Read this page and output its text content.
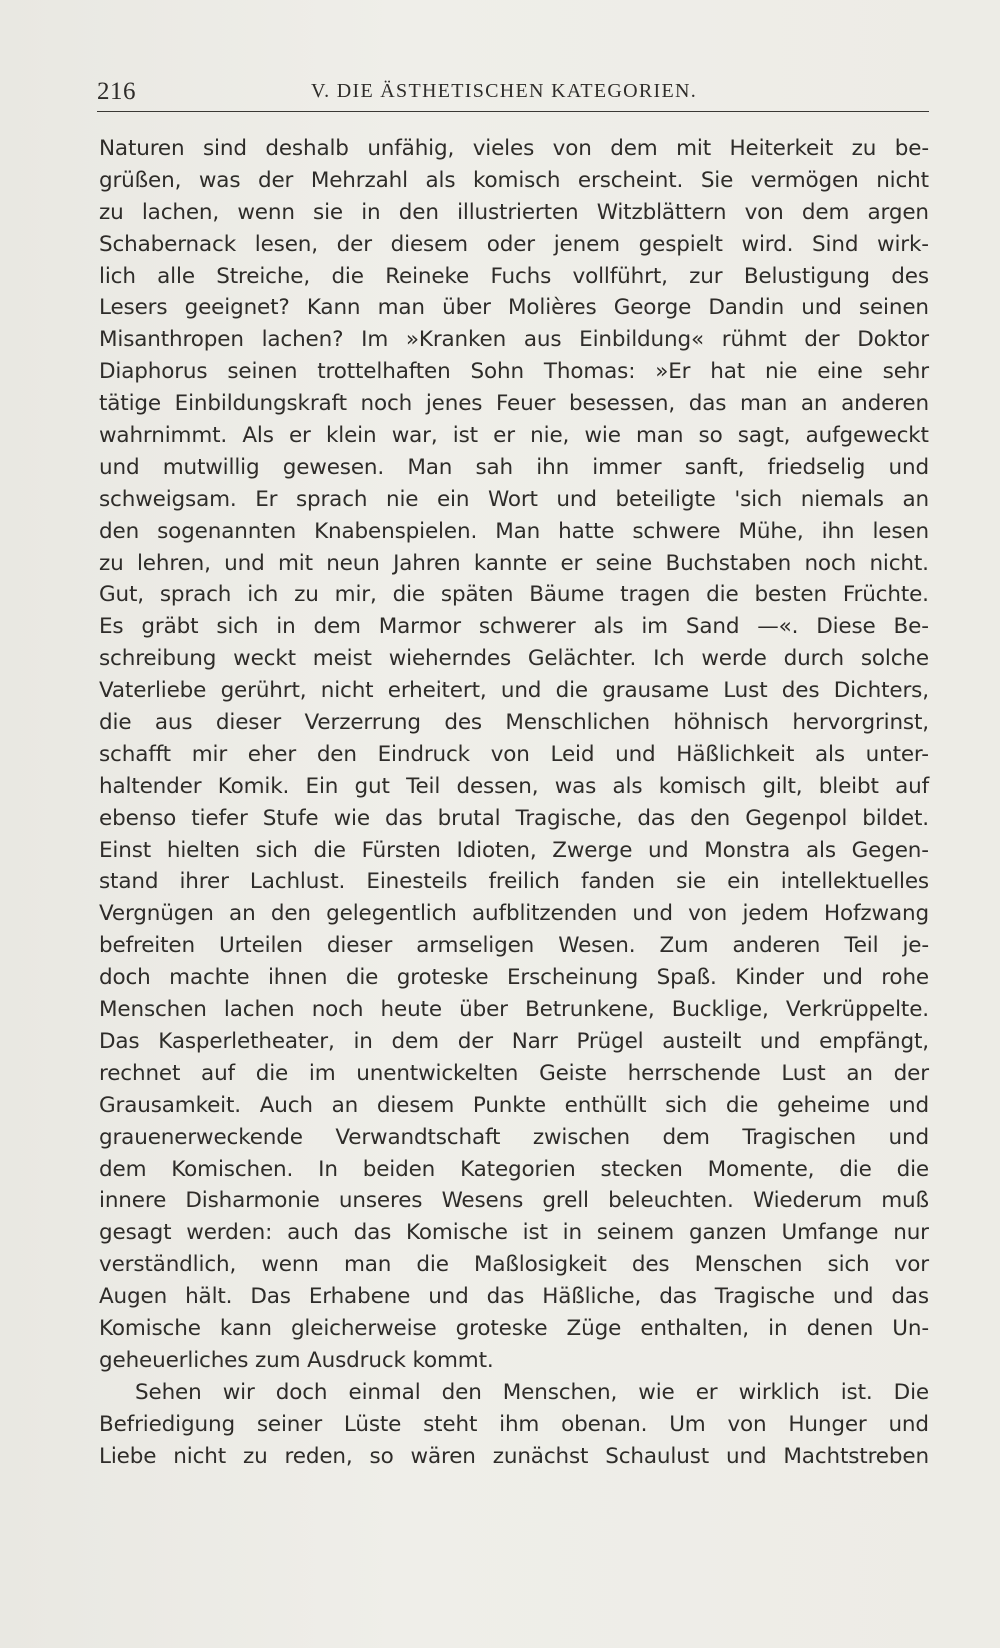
216	V. DIE ÄSTHETISCHEN KATEGORIEN.
Naturen sind deshalb unfähig, vieles von dem mit Heiterkeit zu be-
grüßen, was der Mehrzahl als komisch erscheint. Sie vermögen nicht
zu lachen, wenn sie in den illustrierten Witzblättern von dem argen
Schabernack lesen, der diesem oder jenem gespielt wird. Sind wirk-
lich alle Streiche, die Reineke Fuchs vollführt, zur Belustigung des
Lesers geeignet? Kann man über Molières George Dandin und seinen
Misanthropen lachen? Im »Kranken aus Einbildung« rühmt der Doktor
Diaphorus seinen trottelhaften Sohn Thomas: »Er hat nie eine sehr
tätige Einbildungskraft noch jenes Feuer besessen, das man an anderen
wahrnimmt. Als er klein war, ist er nie, wie man so sagt, aufgeweckt
und mutwillig gewesen. Man sah ihn immer sanft, friedselig und
schweigsam. Er sprach nie ein Wort und beteiligte 'sich niemals an
den sogenannten Knabenspielen. Man hatte schwere Mühe, ihn lesen
zu lehren, und mit neun Jahren kannte er seine Buchstaben noch nicht.
Gut, sprach ich zu mir, die späten Bäume tragen die besten Früchte.
Es gräbt sich in dem Marmor schwerer als im Sand —«. Diese Be-
schreibung weckt meist wieherndes Gelächter. Ich werde durch solche
Vaterliebe gerührt, nicht erheitert, und die grausame Lust des Dichters,
die aus dieser Verzerrung des Menschlichen höhnisch hervorgrinst,
schafft mir eher den Eindruck von Leid und Häßlichkeit als unter-
haltender Komik. Ein gut Teil dessen, was als komisch gilt, bleibt auf
ebenso tiefer Stufe wie das brutal Tragische, das den Gegenpol bildet.
Einst hielten sich die Fürsten Idioten, Zwerge und Monstra als Gegen-
stand ihrer Lachlust. Einesteils freilich fanden sie ein intellektuelles
Vergnügen an den gelegentlich aufblitzenden und von jedem Hofzwang
befreiten Urteilen dieser armseligen Wesen. Zum anderen Teil je-
doch machte ihnen die groteske Erscheinung Spaß. Kinder und rohe
Menschen lachen noch heute über Betrunkene, Bucklige, Verkrüppelte.
Das Kasperletheater, in dem der Narr Prügel austeilt und empfängt,
rechnet auf die im unentwickelten Geiste herrschende Lust an der
Grausamkeit. Auch an diesem Punkte enthüllt sich die geheime und
grauenerweckende Verwandtschaft zwischen dem Tragischen und
dem Komischen. In beiden Kategorien stecken Momente, die die
innere Disharmonie unseres Wesens grell beleuchten. Wiederum muß
gesagt werden: auch das Komische ist in seinem ganzen Umfange nur
verständlich, wenn man die Maßlosigkeit des Menschen sich vor
Augen hält. Das Erhabene und das Häßliche, das Tragische und das
Komische kann gleicherweise groteske Züge enthalten, in denen Un-
geheuerliches zum Ausdruck kommt.
Sehen wir doch einmal den Menschen, wie er wirklich ist. Die
Befriedigung seiner Lüste steht ihm obenan. Um von Hunger und
Liebe nicht zu reden, so wären zunächst Schaulust und Machtstreben
